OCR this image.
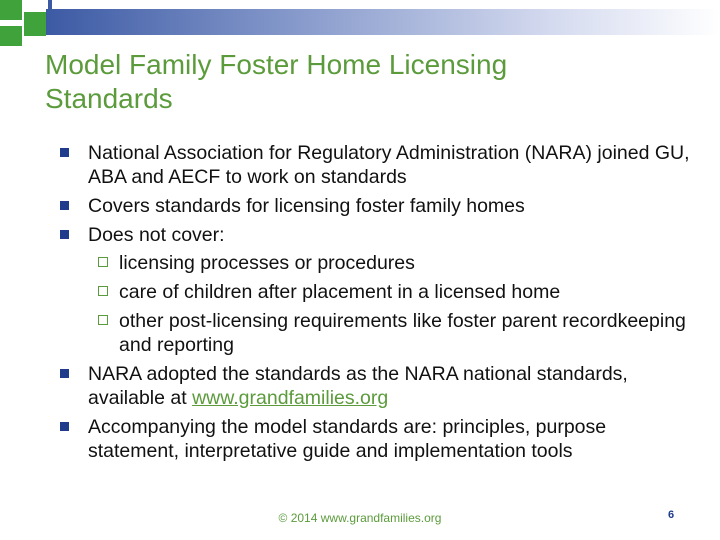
Model Family Foster Home Licensing
Standards
National Association for Regulatory Administration (NARA) joined GU, ABA and AECF to work on standards
Covers standards for licensing foster family homes
Does not cover:
licensing processes or procedures
care of children after placement in a licensed home
other post-licensing requirements like foster parent recordkeeping and reporting
NARA adopted the standards as the NARA national standards, available at www.grandfamilies.org
Accompanying the model standards are: principles, purpose statement, interpretative guide and implementation tools
© 2014 www.grandfamilies.org	6
